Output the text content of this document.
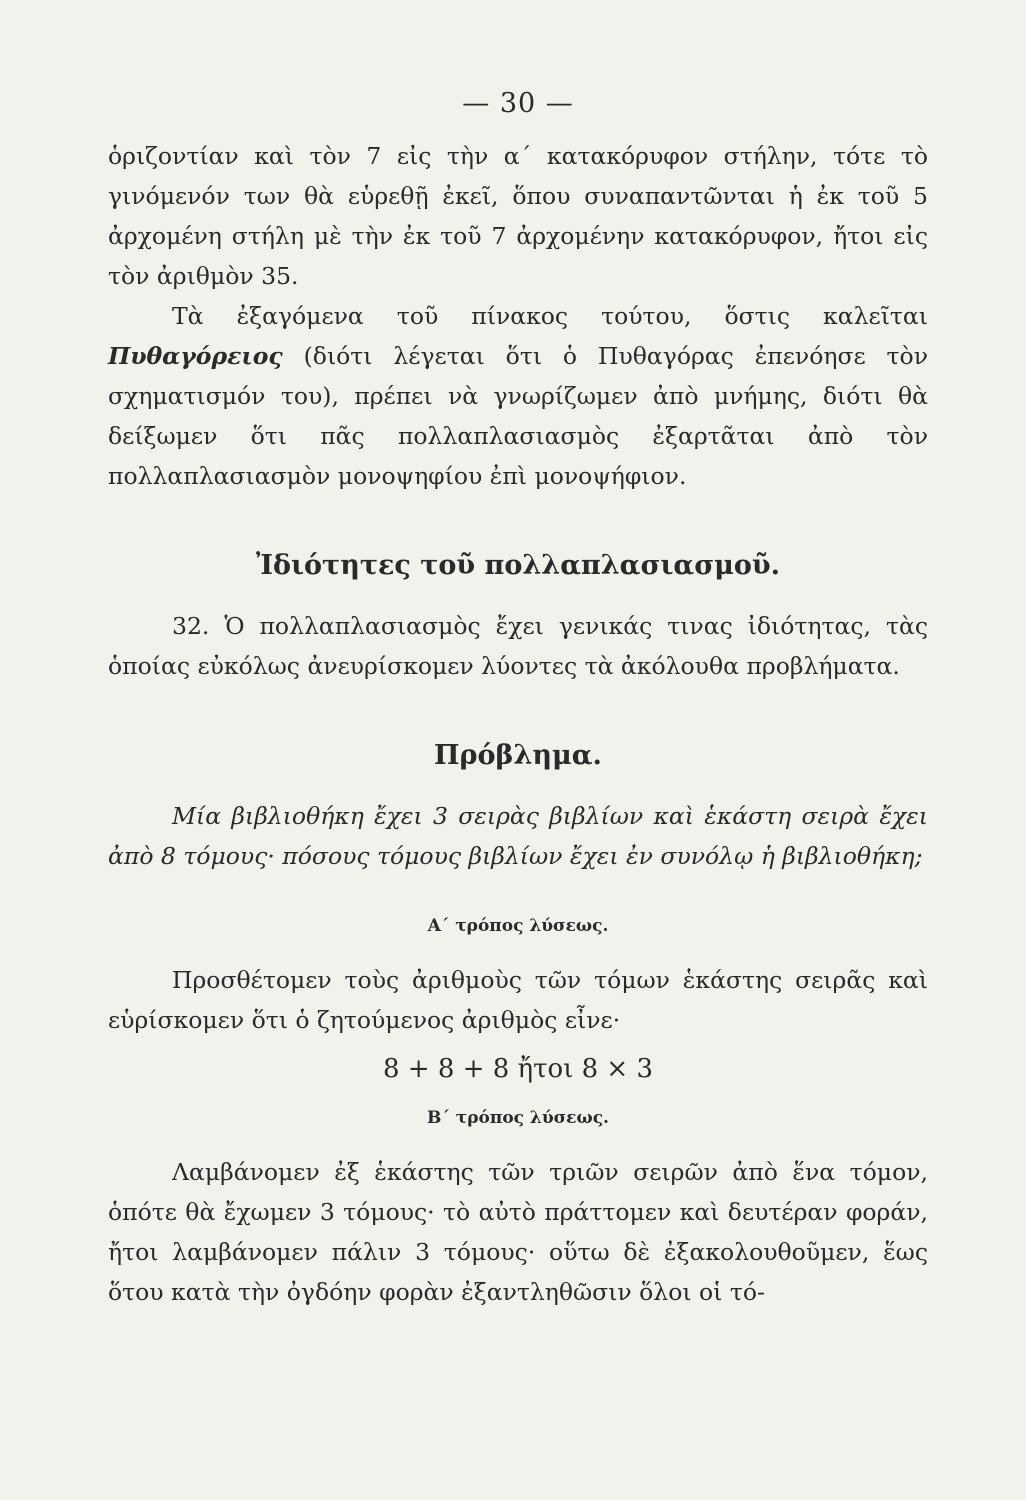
— 30 —

ὁριζοντίαν καὶ τὸν 7 εἰς τὴν α΄ κατακόρυφον στήλην, τότε τὸ γινόμενόν των θὰ εὑρεθῇ ἐκεῖ, ὅπου συναπαντῶνται ἡ ἐκ τοῦ 5 ἀρχομένη στήλη μὲ τὴν ἐκ τοῦ 7 ἀρχομένην κατακόρυφον, ἤτοι εἰς τὸν ἀριθμὸν 35.

Τὰ ἐξαγόμενα τοῦ πίνακος τούτου, ὅστις καλεῖται Πυθαγόρειος (διότι λέγεται ὅτι ὁ Πυθαγόρας ἐπενόησε τὸν σχηματισμόν του), πρέπει νὰ γνωρίζωμεν ἀπὸ μνήμης, διότι θὰ δείξωμεν ὅτι πᾶς πολλαπλασιασμὸς ἐξαρτᾶται ἀπὸ τὸν πολλαπλασιασμὸν μονοψηφίου ἐπὶ μονοψήφιον.

Ἰδιότητες τοῦ πολλαπλασιασμοῦ.

32. Ὁ πολλαπλασιασμὸς ἔχει γενικάς τινας ἰδιότητας, τὰς ὁποίας εὐκόλως ἀνευρίσκομεν λύοντες τὰ ἀκόλουθα προβλήματα.

Πρόβλημα.

Μία βιβλιοθήκη ἔχει 3 σειρὰς βιβλίων καὶ ἑκάστη σειρὰ ἔχει ἀπὸ 8 τόμους· πόσους τόμους βιβλίων ἔχει ἐν συνόλῳ ἡ βιβλιοθήκη;

Α΄ τρόπος λύσεως.

Προσθέτομεν τοὺς ἀριθμοὺς τῶν τόμων ἑκάστης σειρᾶς καὶ εὑρίσκομεν ὅτι ὁ ζητούμενος ἀριθμὸς εἶνε·

8 + 8 + 8 ἤτοι 8 × 3
Β΄ τρόπος λύσεως.

Λαμβάνομεν ἐξ ἑκάστης τῶν τριῶν σειρῶν ἀπὸ ἕνα τόμον, ὁπότε θὰ ἔχωμεν 3 τόμους· τὸ αὐτὸ πράττομεν καὶ δευτέραν φοράν, ἤτοι λαμβάνομεν πάλιν 3 τόμους· οὕτω δὲ ἐξακολουθοῦμεν, ἕως ὅτου κατὰ τὴν ὀγδόην φορὰν ἐξαντληθῶσιν ὅλοι οἱ τό-
